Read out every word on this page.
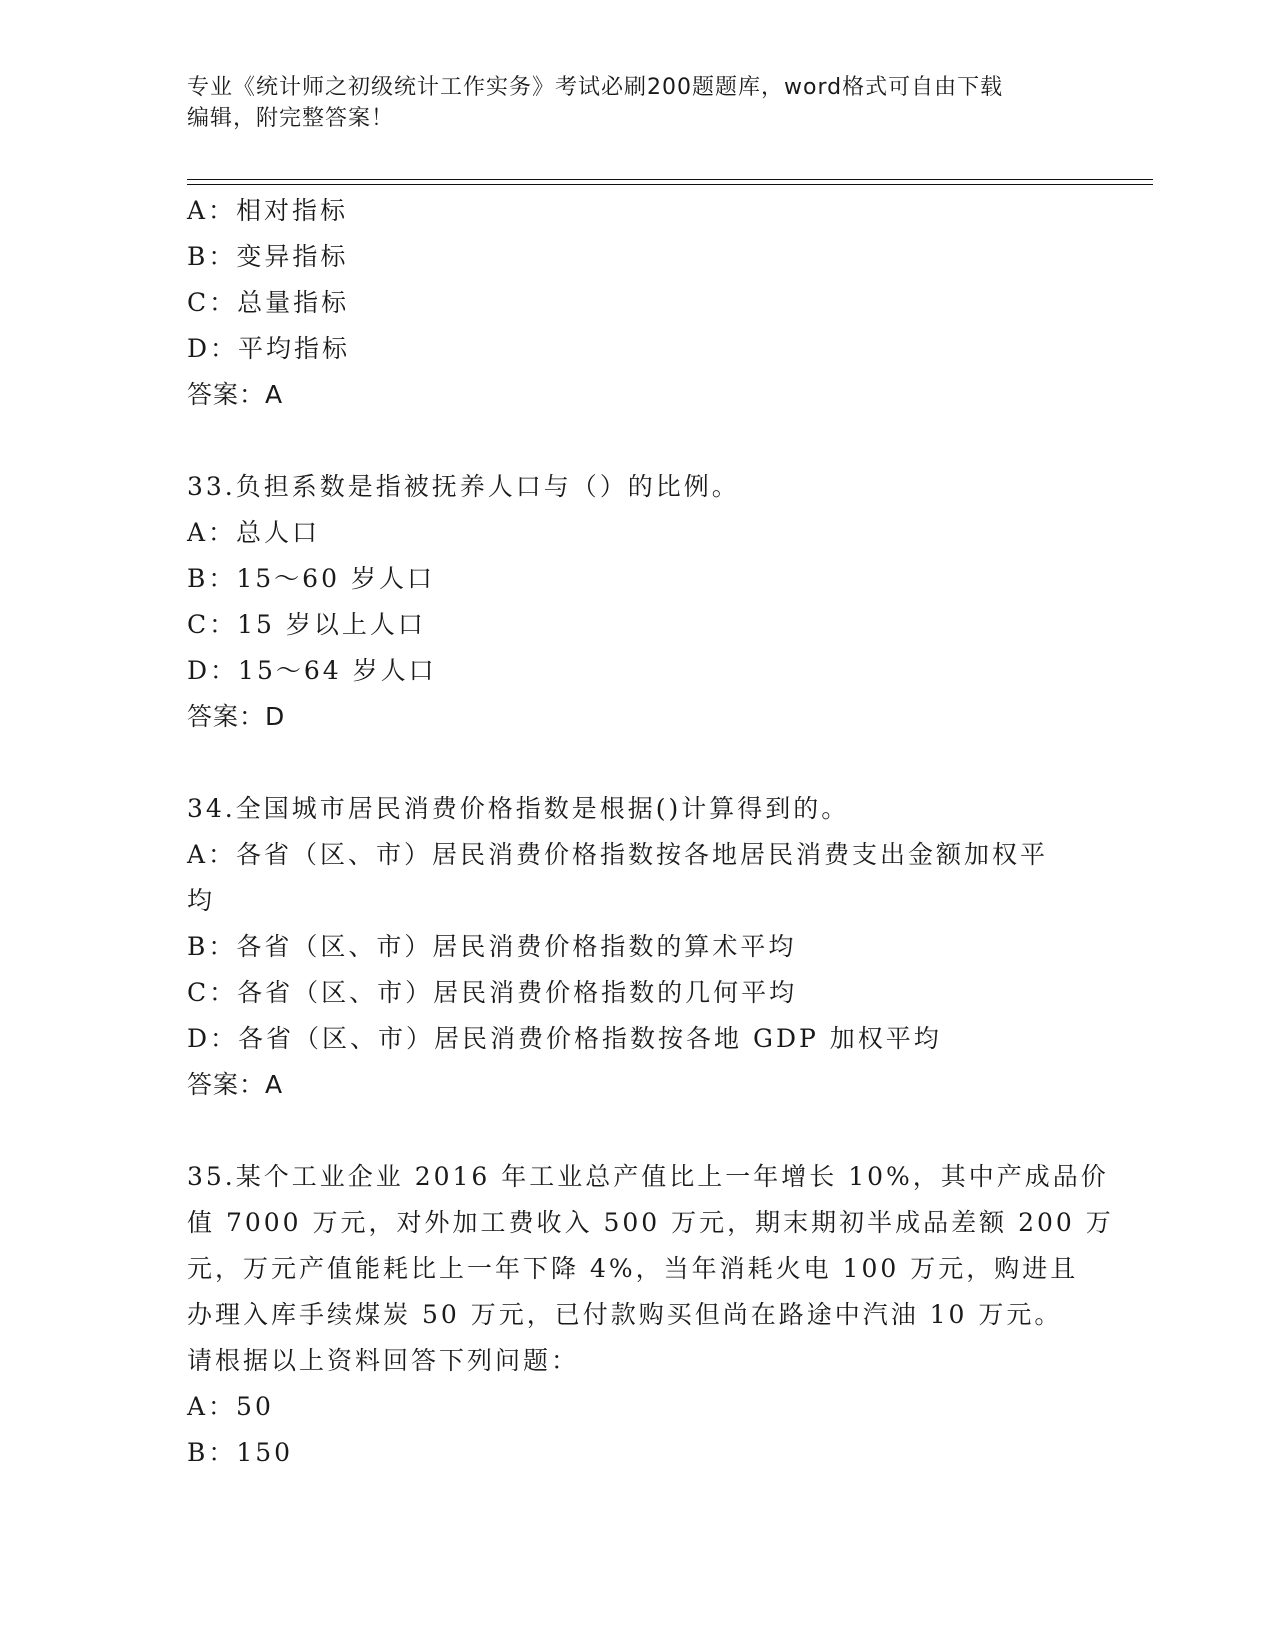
专业《统计师之初级统计工作实务》考试必刷200题题库，word格式可自由下载
编辑，附完整答案！
A：相对指标
B：变异指标
C：总量指标
D：平均指标
答案：A
33.负担系数是指被抚养人口与（）的比例。
A：总人口
B：15～60 岁人口
C：15 岁以上人口
D：15～64 岁人口
答案：D
34.全国城市居民消费价格指数是根据()计算得到的。
A：各省（区、市）居民消费价格指数按各地居民消费支出金额加权平
均
B：各省（区、市）居民消费价格指数的算术平均
C：各省（区、市）居民消费价格指数的几何平均
D：各省（区、市）居民消费价格指数按各地 GDP 加权平均
答案：A
35.某个工业企业 2016 年工业总产值比上一年增长 10%，其中产成品价
值 7000 万元，对外加工费收入 500 万元，期末期初半成品差额 200 万
元，万元产值能耗比上一年下降 4%，当年消耗火电 100 万元，购进且
办理入库手续煤炭 50 万元，已付款购买但尚在路途中汽油 10 万元。
请根据以上资料回答下列问题：
A：50
B：150
